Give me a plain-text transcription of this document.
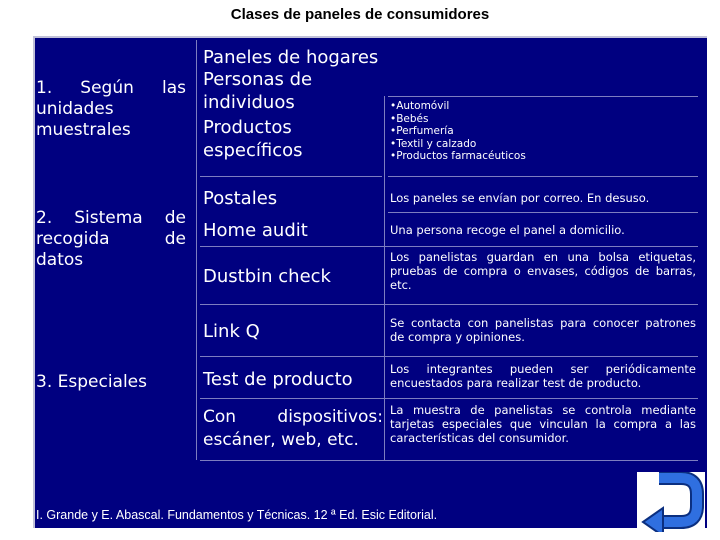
Clases de paneles de consumidores
1. Según las unidades muestrales
2. Sistema de recogida de datos
3. Especiales
Paneles de hogares
Personas de individuos
Productos específicos
Postales
Home audit
Dustbin check
Link Q
Test de producto
Con dispositivos: escáner, web, etc.
•Automóvil
•Bebés
•Perfumería
•Textil y calzado
•Productos farmacéuticos
Los paneles se envían por correo. En desuso.
Una persona recoge el panel a domicilio.
Los panelistas guardan en una bolsa etiquetas, pruebas de compra o envases, códigos de barras, etc.
Se contacta con panelistas para conocer patrones de compra y opiniones.
Los integrantes pueden ser periódicamente encuestados para realizar test de producto.
La muestra de panelistas se controla mediante tarjetas especiales que vinculan la compra a las características del consumidor.
I. Grande y E. Abascal. Fundamentos y Técnicas. 12 ª Ed. Esic Editorial.
